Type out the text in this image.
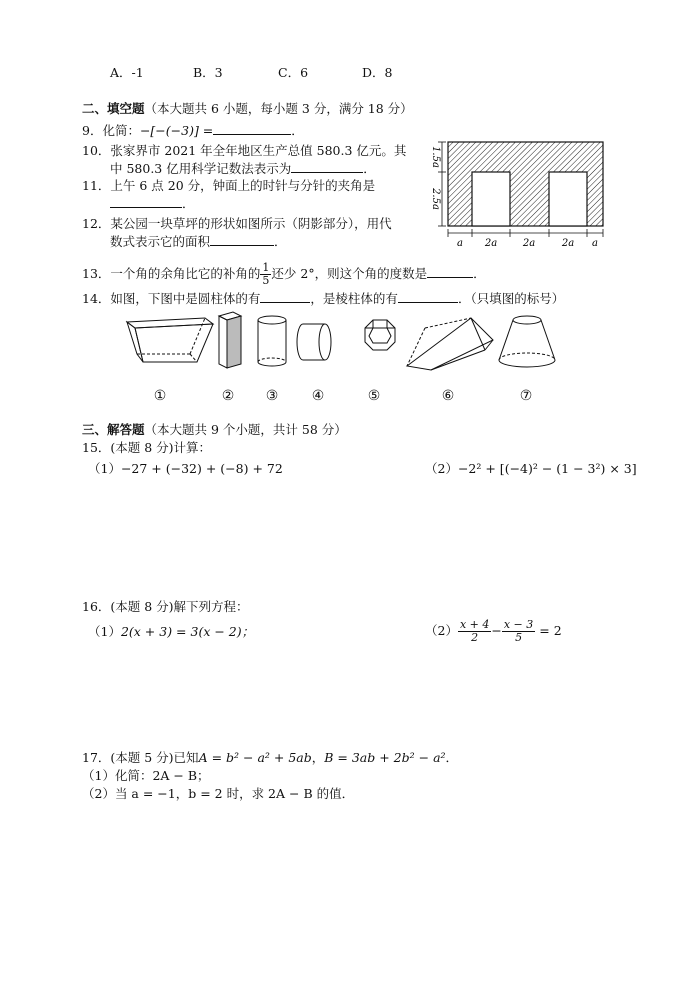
A．-1	B．3	C．6	D．8
二、填空题（本大题共 6 小题，每小题 3 分，满分 18 分）
9．化简：−[−(−3)] =	．
10．张家界市 2021 年全年地区生产总值 580.3 亿元。其
中 580.3 亿用科学记数法表示为	．
11．上午 6 点 20 分，钟面上的时针与分针的夹角是
．
12．某公园一块草坪的形状如图所示（阴影部分），用代
数式表示它的面积	．
1.5a
2.5a
a 2a	2a	2a a
13．一个角的余角比它的补角的 $\frac{1}{5}$ 还少 2°，则这个角的度数是	．
14．如图，下图中是圆柱体的有	，是棱柱体的有	．（只填图的标号）
①	② ③ ④	⑤	⑥	⑦
三、解答题（本大题共 9 个小题，共计 58 分）
15．(本题 8 分)计算：
（1）−27 + (−32) + (−8) + 72	（2）−2² + [(−4)² − (1 − 3²) × 3]
16．(本题 8 分)解下列方程：
（1）2(x + 3) = 3(x − 2)；	$(2) \frac{x + 4}{2} - \frac{x - 3}{5} = 2$
17．(本题 5 分)已知A = b² − a² + 5ab，B = 3ab + 2b² − a²．
（1）化简：2A − B；
（2）当 a = −1，b = 2 时，求 2A − B 的值．
